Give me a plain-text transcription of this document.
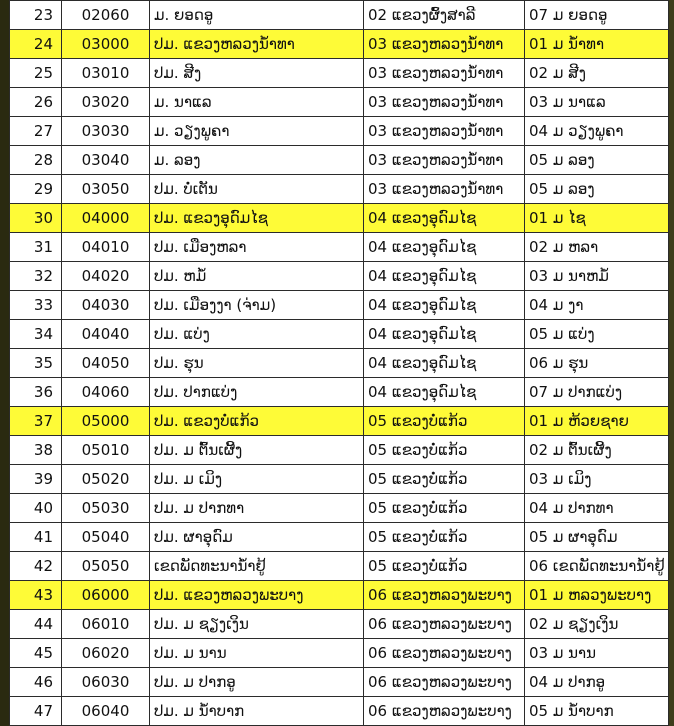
23	02060	ມ. ຍອດອູ	02 ແຂວງຜົ້ງສາລີ	07 ມ ຍອດອູ
24	03000	ປມ. ແຂວງຫລວງນ້ຳທາ	03 ແຂວງຫລວງນ້ຳທາ	01 ມ ນ້ຳທາ
25	03010	ປມ. ສີງ	03 ແຂວງຫລວງນ້ຳທາ	02 ມ ສີງ
26	03020	ມ. ນາແລ	03 ແຂວງຫລວງນ້ຳທາ	03 ມ ນາແລ
27	03030	ມ. ວຽງພູຄາ	03 ແຂວງຫລວງນ້ຳທາ	04 ມ ວຽງພູຄາ
28	03040	ມ. ລອງ	03 ແຂວງຫລວງນ້ຳທາ	05 ມ ລອງ
29	03050	ປມ. ບໍ່ເຕັນ	03 ແຂວງຫລວງນ້ຳທາ	05 ມ ລອງ
30	04000	ປມ. ແຂວງອຸດົມໄຊ	04 ແຂວງອຸດົມໄຊ	01 ມ ໄຊ
31	04010	ປມ. ເມືອງຫລາ	04 ແຂວງອຸດົມໄຊ	02 ມ ຫລາ
32	04020	ປມ. ຫມໍ້	04 ແຂວງອຸດົມໄຊ	03 ມ ນາຫມໍ້
33	04030	ປມ. ເມືອງງາ (ຈ່າມ)	04 ແຂວງອຸດົມໄຊ	04 ມ ງາ
34	04040	ປມ. ແບ່ງ	04 ແຂວງອຸດົມໄຊ	05 ມ ແບ່ງ
35	04050	ປມ. ຮຸນ	04 ແຂວງອຸດົມໄຊ	06 ມ ຮຸນ
36	04060	ປມ. ປາກແບ່ງ	04 ແຂວງອຸດົມໄຊ	07 ມ ປາກແບ່ງ
37	05000	ປມ. ແຂວງບໍ່ແກ້ວ	05 ແຂວງບໍ່ແກ້ວ	01 ມ ຫ້ວຍຊາຍ
38	05010	ປມ. ມ ຕົ້ນເຜີ້ງ	05 ແຂວງບໍ່ແກ້ວ	02 ມ ຕົ້ນເຜີ້ງ
39	05020	ປມ. ມ ເມິງ	05 ແຂວງບໍ່ແກ້ວ	03 ມ ເມິງ
40	05030	ປມ. ມ ປາກທາ	05 ແຂວງບໍ່ແກ້ວ	04 ມ ປາກທາ
41	05040	ປມ. ຜາອຸດົມ	05 ແຂວງບໍ່ແກ້ວ	05 ມ ຜາອຸດົມ
42	05050	ເຂດພັດທະນານ້ຳຢູ້	05 ແຂວງບໍ່ແກ້ວ	06 ເຂດພັດທະນານ້ຳຢູ້
43	06000	ປມ. ແຂວງຫລວງພະບາງ	06 ແຂວງຫລວງພະບາງ	01 ມ ຫລວງພະບາງ
44	06010	ປມ. ມ ຊຽງເງິນ	06 ແຂວງຫລວງພະບາງ	02 ມ ຊຽງເງິນ
45	06020	ປມ. ມ ນານ	06 ແຂວງຫລວງພະບາງ	03 ມ ນານ
46	06030	ປມ. ມ ປາກອູ	06 ແຂວງຫລວງພະບາງ	04 ມ ປາກອູ
47	06040	ປມ. ມ ນ້ຳບາກ	06 ແຂວງຫລວງພະບາງ	05 ມ ນ້ຳບາກ
